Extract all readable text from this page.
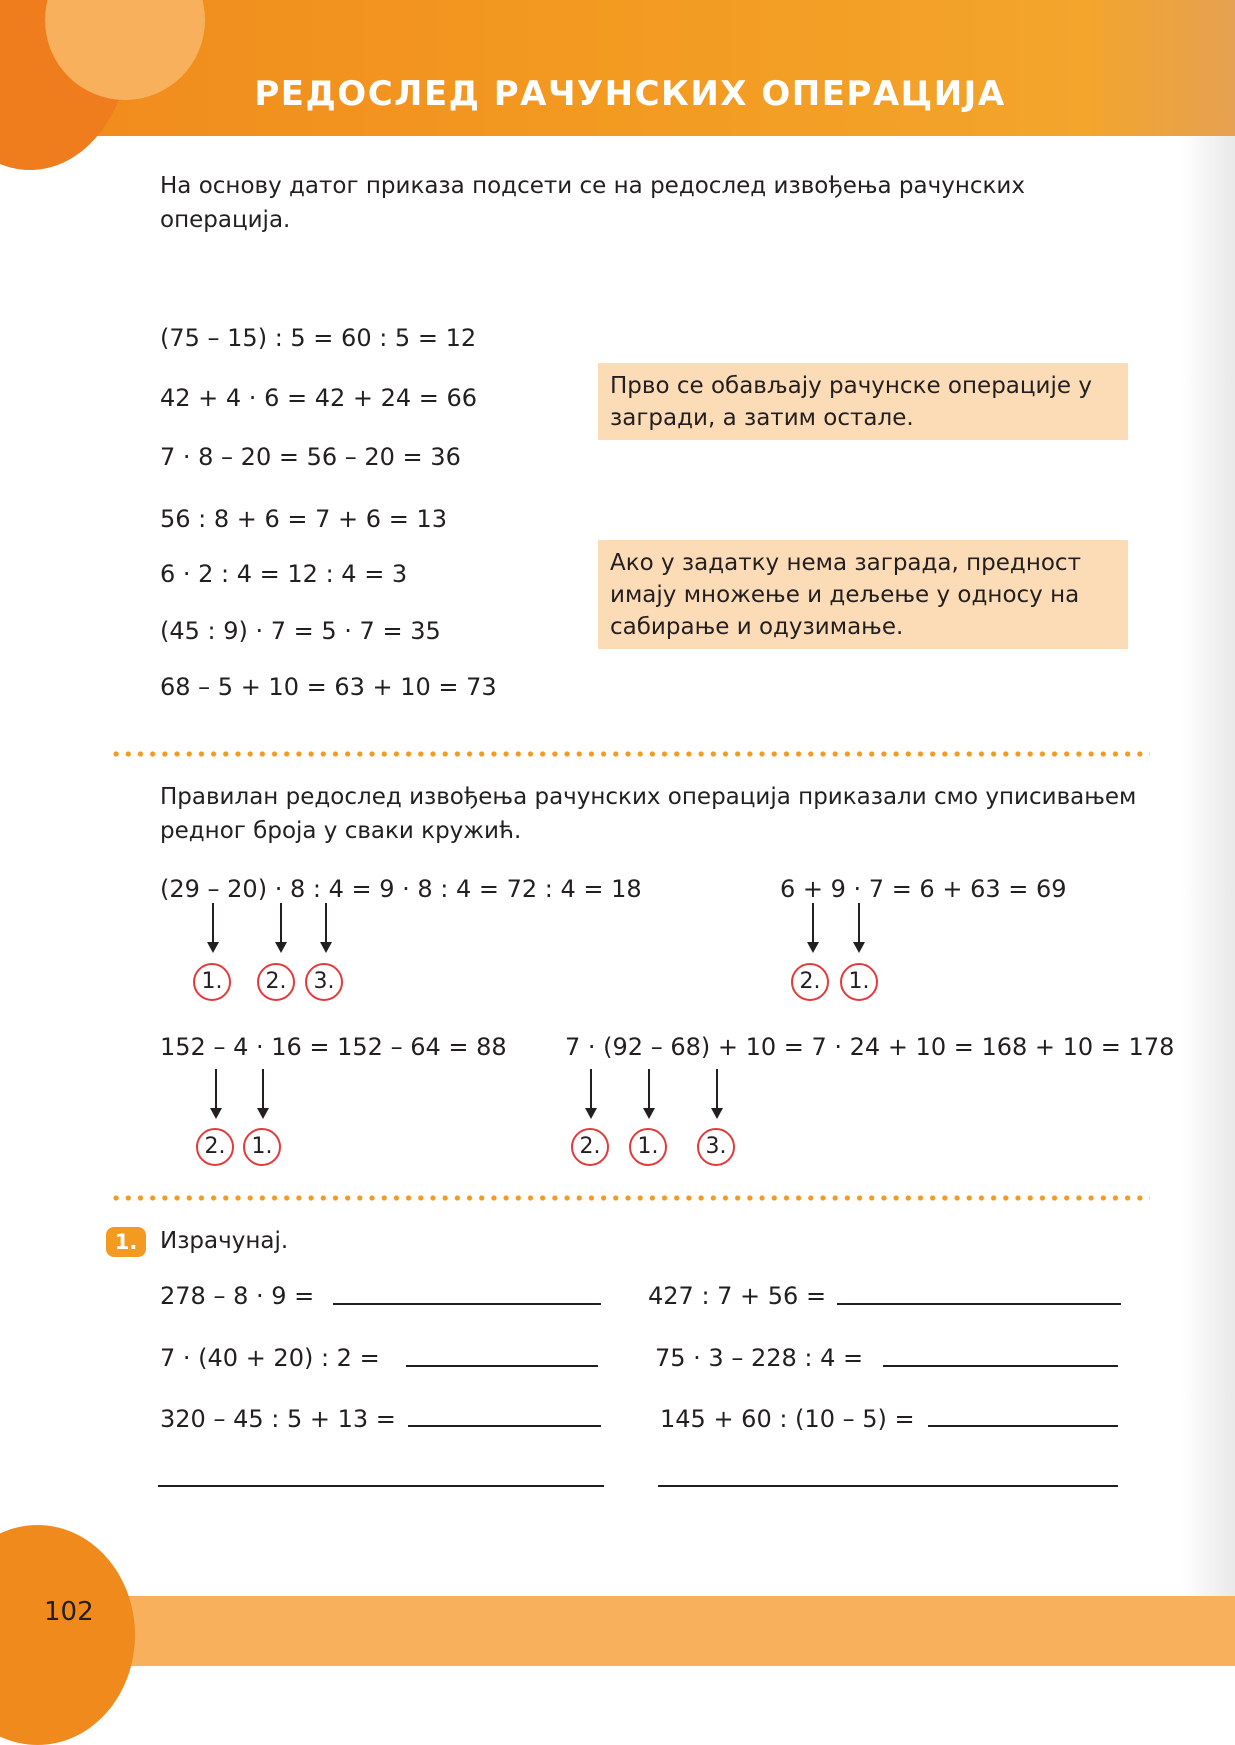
РЕДОСЛЕД РАЧУНСКИХ ОПЕРАЦИЈА
На основу датог приказа подсети се на редослед извођења рачунских
операција.
(75 – 15) : 5 = 60 : 5 = 12
42 + 4 · 6 = 42 + 24 = 66
7 · 8 – 20 = 56 – 20 = 36
56 : 8 + 6 = 7 + 6 = 13
6 · 2 : 4 = 12 : 4 = 3
(45 : 9) · 7 = 5 · 7 = 35
68 – 5 + 10 = 63 + 10 = 73
Прво се обављају рачунске операције у
загради, а затим остале.
Ако у задатку нема заграда, предност
имају множење и дељење у односу на
сабирање и одузимање.
Правилан редослед извођења рачунских операција приказали смо уписивањем
редног броја у сваки кружић.
(29 – 20) · 8 : 4 = 9 · 8 : 4 = 72 : 4 = 18
1.	2.	3.
6 + 9 · 7 = 6 + 63 = 69
2.	1.
152 – 4 · 16 = 152 – 64 = 88
2.	1.
7 · (92 – 68) + 10 = 7 · 24 + 10 = 168 + 10 = 178
2.	1.	3.
1. Израчунај.
278 – 8 · 9 =	427 : 7 + 56 =
7 · (40 + 20) : 2 =	75 · 3 – 228 : 4 =
320 – 45 : 5 + 13 =	145 + 60 : (10 – 5) =
102
